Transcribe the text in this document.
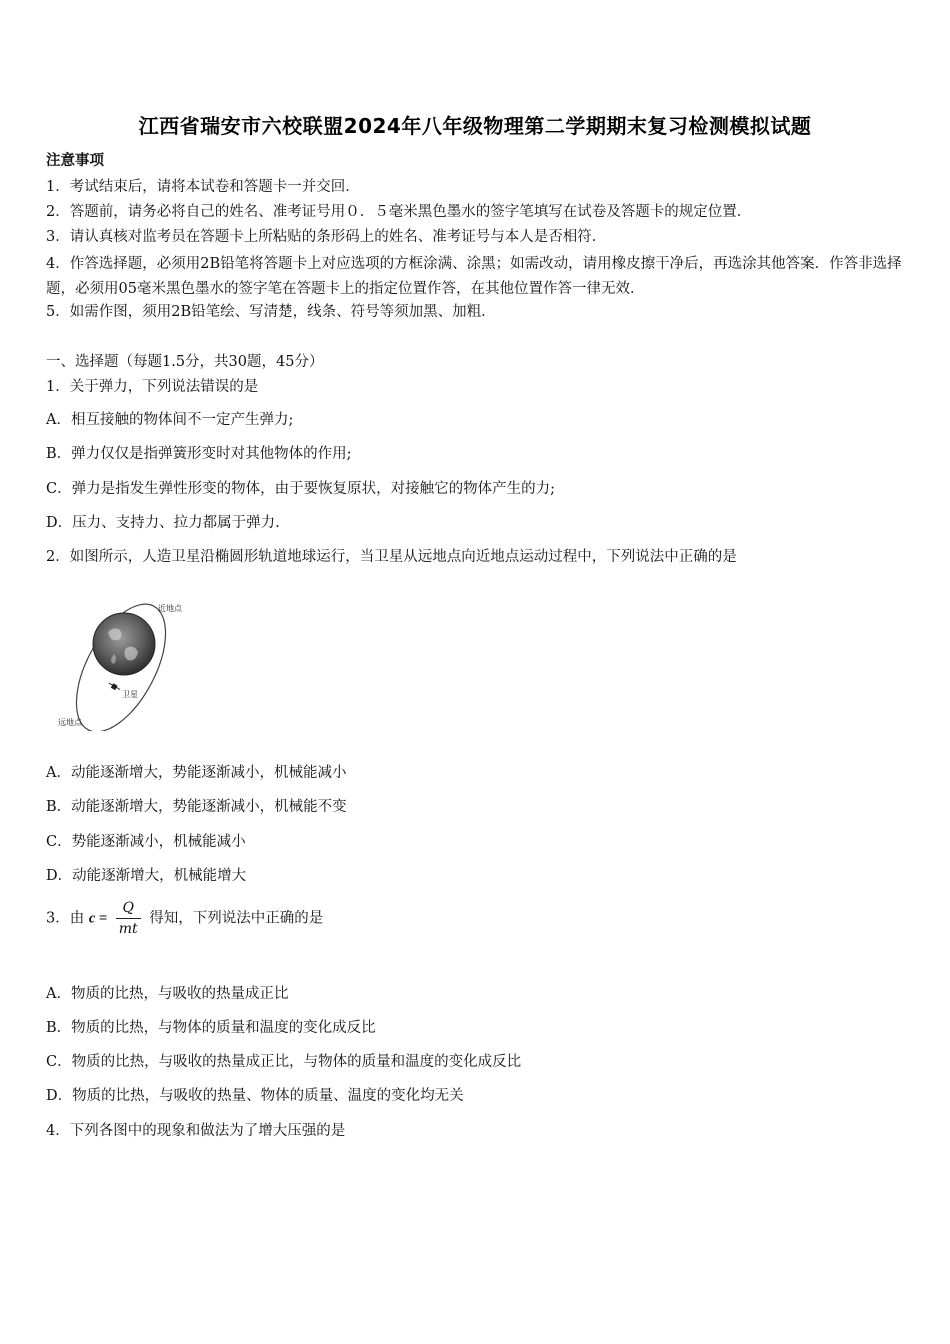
江西省瑞安市六校联盟2024年八年级物理第二学期期末复习检测模拟试题
注意事项
1．考试结束后，请将本试卷和答题卡一并交回．
2．答题前，请务必将自己的姓名、准考证号用０．５毫米黑色墨水的签字笔填写在试卷及答题卡的规定位置．
3．请认真核对监考员在答题卡上所粘贴的条形码上的姓名、准考证号与本人是否相符．
4．作答选择题，必须用2B铅笔将答题卡上对应选项的方框涂满、涂黑；如需改动，请用橡皮擦干净后，再选涂其他答案．作答非选择题，必须用05毫米黑色墨水的签字笔在答题卡上的指定位置作答，在其他位置作答一律无效．
5．如需作图，须用2B铅笔绘、写清楚，线条、符号等须加黑、加粗．
一、选择题（每题1.5分，共30题，45分）
1．关于弹力，下列说法错误的是
A．相互接触的物体间不一定产生弹力;
B．弹力仅仅是指弹簧形变时对其他物体的作用;
C．弹力是指发生弹性形变的物体，由于要恢复原状，对接触它的物体产生的力;
D．压力、支持力、拉力都属于弹力.
2．如图所示，人造卫星沿椭圆形轨道地球运行，当卫星从远地点向近地点运动过程中，下列说法中正确的是
近地点
卫星
远地点
A．动能逐渐增大，势能逐渐减小，机械能减小
B．动能逐渐增大，势能逐渐减小，机械能不变
C．势能逐渐减小，机械能减小
D．动能逐渐增大，机械能增大
3．由 $c = \frac{Q}{mt}$ 得知，下列说法中正确的是
A．物质的比热，与吸收的热量成正比
B．物质的比热，与物体的质量和温度的变化成反比
C．物质的比热，与吸收的热量成正比，与物体的质量和温度的变化成反比
D．物质的比热，与吸收的热量、物体的质量、温度的变化均无关
4．下列各图中的现象和做法为了增大压强的是
